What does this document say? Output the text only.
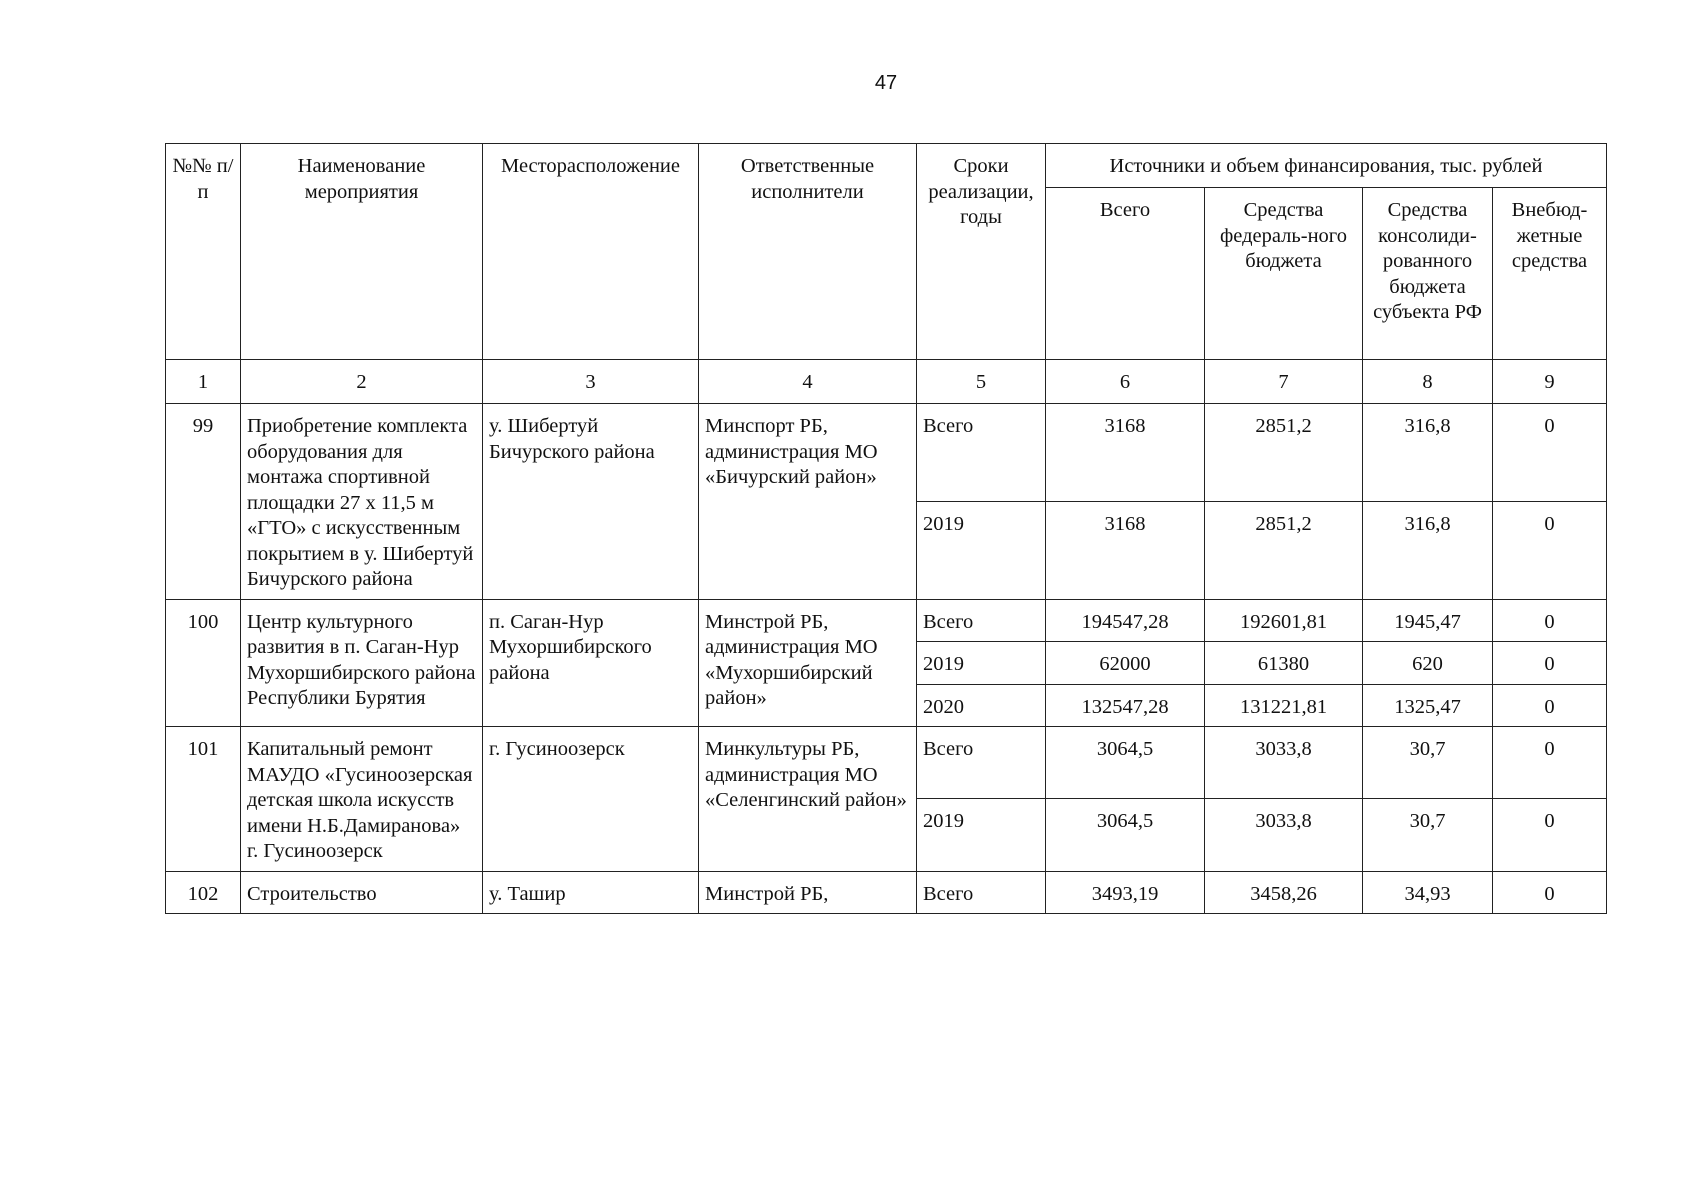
47
№№ п/п	Наименование мероприятия	Месторасположение	Ответственные исполнители	Сроки реализации, годы	Источники и объем финансирования, тыс. рублей			
					Всего	Средства федераль-ного бюджета	Средства консолиди-рованного бюджета субъекта РФ	Внебюд-жетные средства
1	2	3	4	5	6	7	8	9
99	Приобретение комплекта оборудования для монтажа спортивной площадки 27 х 11,5 м «ГТО» с искусственным покрытием в у. Шибертуй Бичурского района	у. Шибертуй Бичурского района	Минспорт РБ, администрация МО «Бичурский район»	Всего	3168	2851,2	316,8	0
				2019	3168	2851,2	316,8	0
100	Центр культурного развития в п. Саган-Нур Мухоршибирского района Республики Бурятия	п. Саган-Нур Мухоршибирского района	Минстрой РБ, администрация МО «Мухоршибирский район»	Всего	194547,28	192601,81	1945,47	0
				2019	62000	61380	620	0
				2020	132547,28	131221,81	1325,47	0
101	Капитальный ремонт МАУДО «Гусиноозерская детская школа искусств имени Н.Б.Дамиранова» г. Гусиноозерск	г. Гусиноозерск	Минкультуры РБ, администрация МО «Селенгинский район»	Всего	3064,5	3033,8	30,7	0
				2019	3064,5	3033,8	30,7	0
102	Строительство	у. Ташир	Минстрой РБ,	Всего	3493,19	3458,26	34,93	0
